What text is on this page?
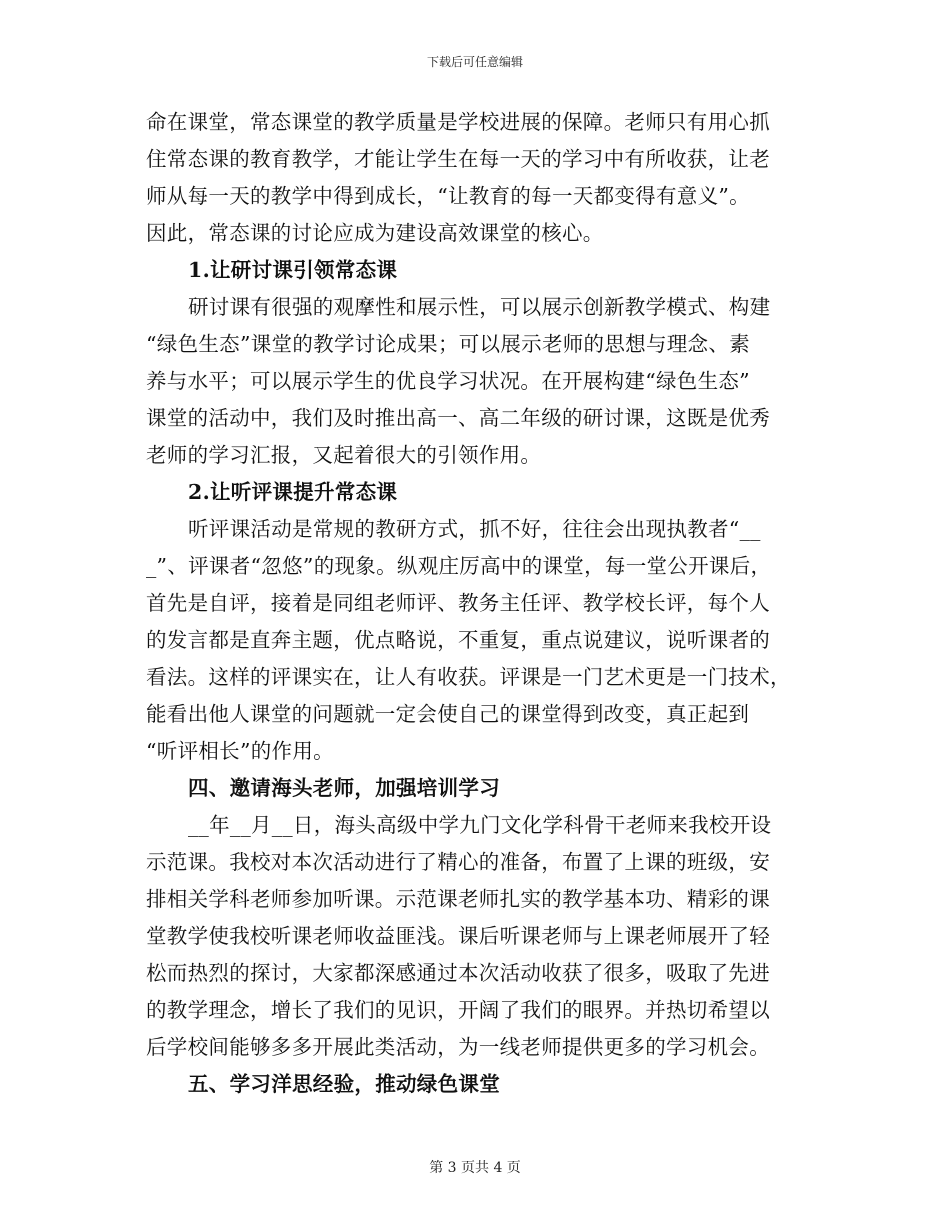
下载后可任意编辑

命在课堂，常态课堂的教学质量是学校进展的保障。老师只有用心抓

住常态课的教育教学，才能让学生在每一天的学习中有所收获，让老

师从每一天的教学中得到成长，“让教育的每一天都变得有意义”。

因此，常态课的讨论应成为建设高效课堂的核心。

1.让研讨课引领常态课

研讨课有很强的观摩性和展示性，可以展示创新教学模式、构建

“绿色生态”课堂的教学讨论成果；可以展示老师的思想与理念、素

养与水平；可以展示学生的优良学习状况。在开展构建“绿色生态”

课堂的活动中，我们及时推出高一、高二年级的研讨课，这既是优秀

老师的学习汇报，又起着很大的引领作用。

2.让听评课提升常态课

听评课活动是常规的教研方式，抓不好，往往会出现执教者“__

_”、评课者“忽悠”的现象。纵观庄厉高中的课堂，每一堂公开课后，

首先是自评，接着是同组老师评、教务主任评、教学校长评，每个人

的发言都是直奔主题，优点略说，不重复，重点说建议，说听课者的

看法。这样的评课实在，让人有收获。评课是一门艺术更是一门技术，

能看出他人课堂的问题就一定会使自己的课堂得到改变，真正起到

“听评相长”的作用。

四、邀请海头老师，加强培训学习

__年__月__日，海头高级中学九门文化学科骨干老师来我校开设

示范课。我校对本次活动进行了精心的准备，布置了上课的班级，安

排相关学科老师参加听课。示范课老师扎实的教学基本功、精彩的课

堂教学使我校听课老师收益匪浅。课后听课老师与上课老师展开了轻

松而热烈的探讨，大家都深感通过本次活动收获了很多，吸取了先进

的教学理念，增长了我们的见识，开阔了我们的眼界。并热切希望以

后学校间能够多多开展此类活动，为一线老师提供更多的学习机会。

五、学习洋思经验，推动绿色课堂

第 3 页共 4 页
